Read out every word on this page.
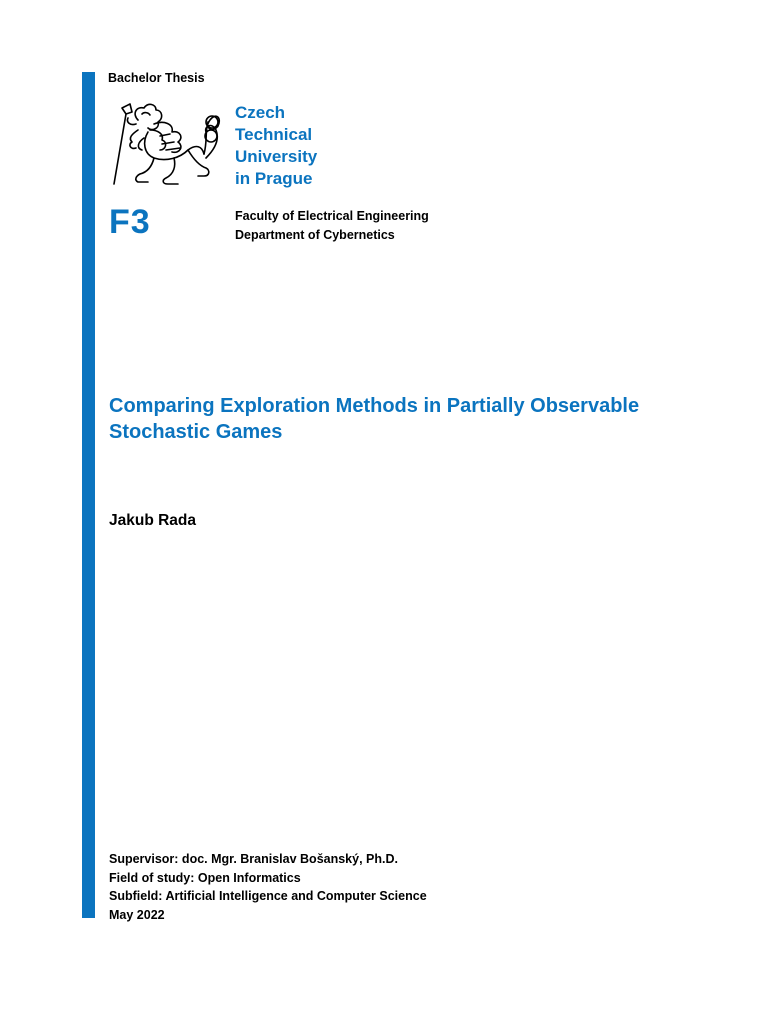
Bachelor Thesis
Czech
Technical
University
in Prague
F3	Faculty of Electrical Engineering
Department of Cybernetics
Comparing Exploration Methods in Partially Observable Stochastic Games
Jakub Rada
Supervisor: doc. Mgr. Branislav Bošanský, Ph.D.
Field of study: Open Informatics
Subfield: Artificial Intelligence and Computer Science
May 2022
